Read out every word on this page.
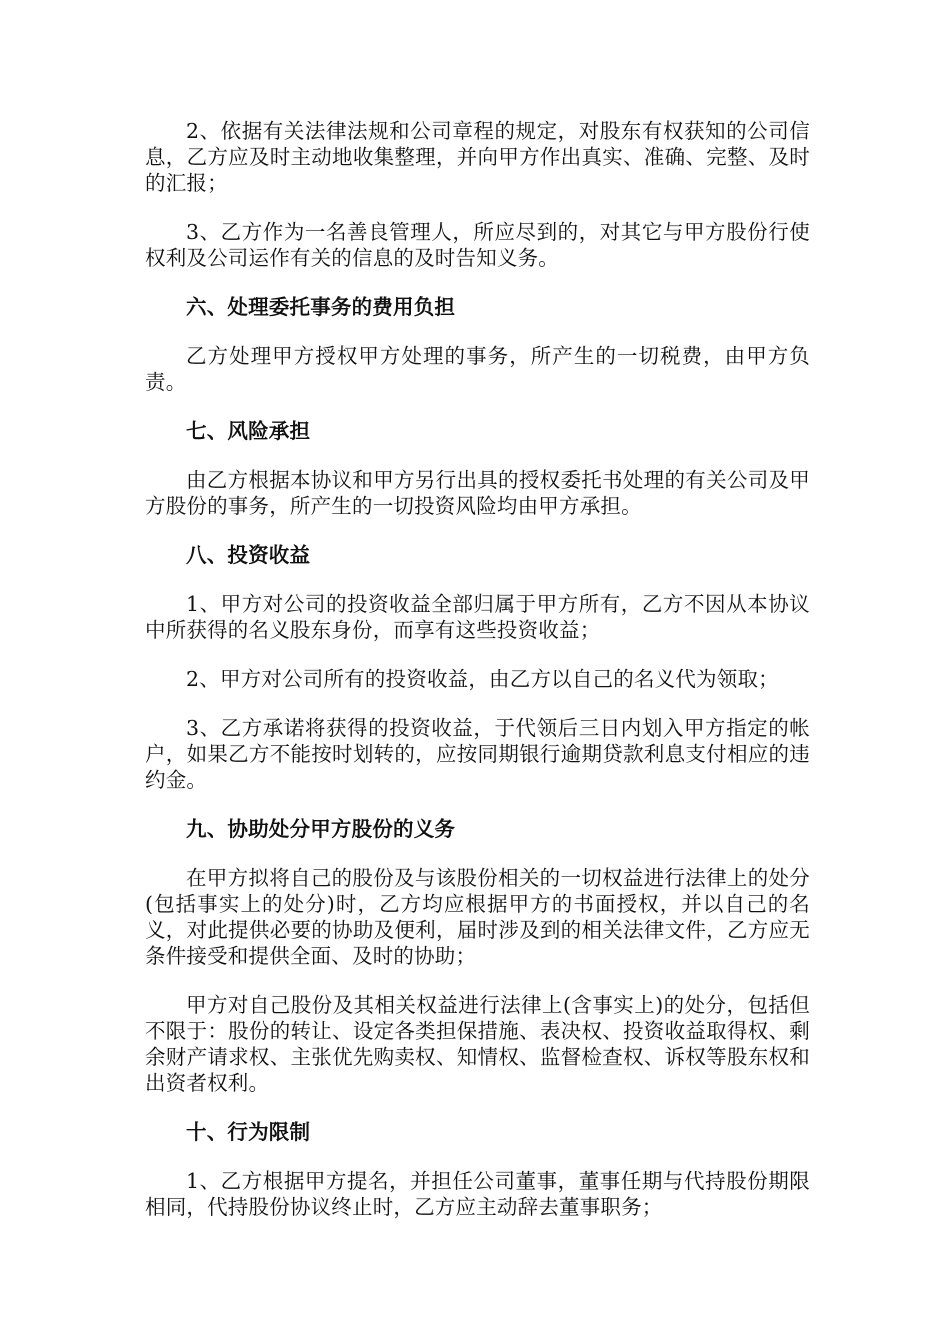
2、依据有关法律法规和公司章程的规定，对股东有权获知的公司信息，乙方应及时主动地收集整理，并向甲方作出真实、准确、完整、及时的汇报；

3、乙方作为一名善良管理人，所应尽到的，对其它与甲方股份行使权利及公司运作有关的信息的及时告知义务。

六、处理委托事务的费用负担

乙方处理甲方授权甲方处理的事务，所产生的一切税费，由甲方负责。

七、风险承担

由乙方根据本协议和甲方另行出具的授权委托书处理的有关公司及甲方股份的事务，所产生的一切投资风险均由甲方承担。

八、投资收益

1、甲方对公司的投资收益全部归属于甲方所有，乙方不因从本协议中所获得的名义股东身份，而享有这些投资收益；

2、甲方对公司所有的投资收益，由乙方以自己的名义代为领取；

3、乙方承诺将获得的投资收益，于代领后三日内划入甲方指定的帐户，如果乙方不能按时划转的，应按同期银行逾期贷款利息支付相应的违约金。

九、协助处分甲方股份的义务

在甲方拟将自己的股份及与该股份相关的一切权益进行法律上的处分(包括事实上的处分)时，乙方均应根据甲方的书面授权，并以自己的名义，对此提供必要的协助及便利，届时涉及到的相关法律文件，乙方应无条件接受和提供全面、及时的协助；

甲方对自己股份及其相关权益进行法律上(含事实上)的处分，包括但不限于：股份的转让、设定各类担保措施、表决权、投资收益取得权、剩余财产请求权、主张优先购卖权、知情权、监督检查权、诉权等股东权和出资者权利。

十、行为限制

1、乙方根据甲方提名，并担任公司董事，董事任期与代持股份期限相同，代持股份协议终止时，乙方应主动辞去董事职务；
